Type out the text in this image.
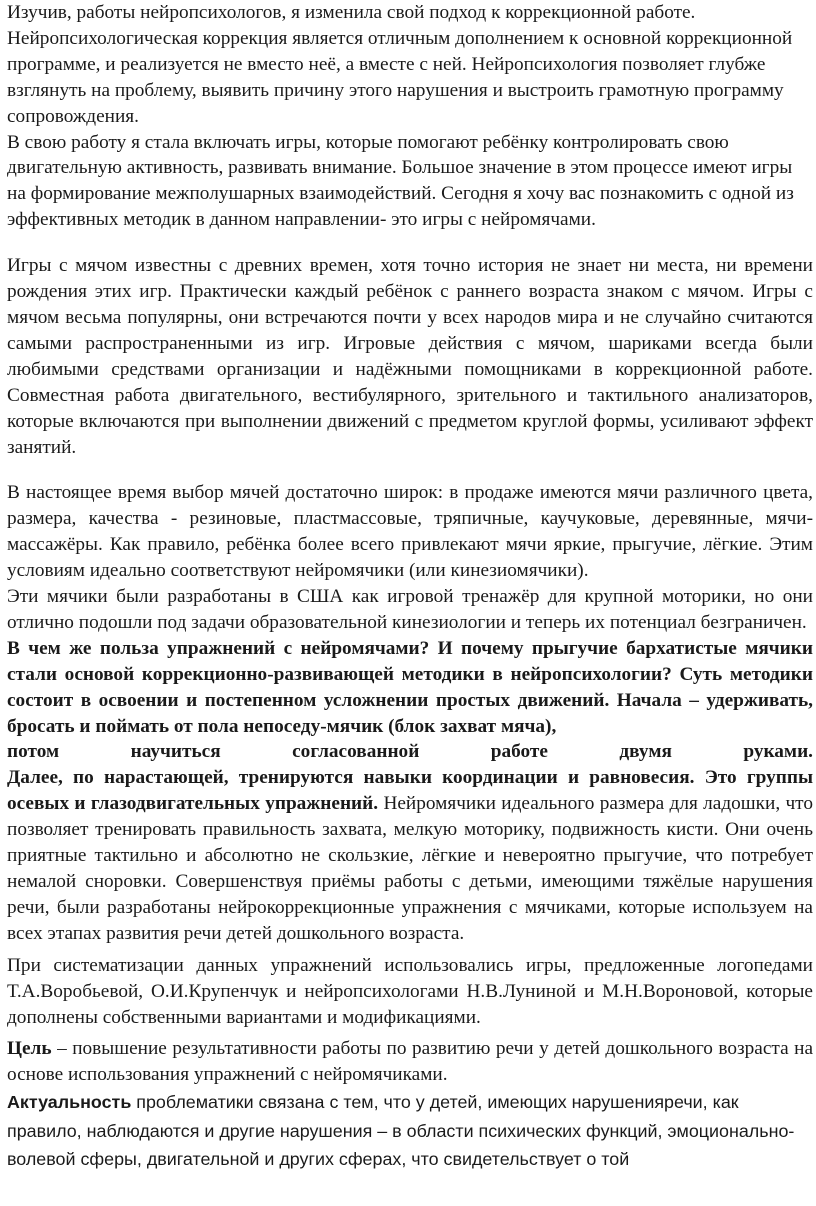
Изучив, работы нейропсихологов, я изменила свой подход к коррекционной работе. Нейропсихологическая коррекция является отличным дополнением к основной коррекционной программе, и реализуется не вместо неё, а вместе с ней. Нейропсихология позволяет глубже взглянуть на проблему, выявить причину этого нарушения и выстроить грамотную программу сопровождения.

В свою работу я стала включать игры, которые помогают ребёнку контролировать свою двигательную активность, развивать внимание. Большое значение в этом процессе имеют игры на формирование межполушарных взаимодействий. Сегодня я хочу вас познакомить с одной из эффективных методик в данном направлении- это игры с нейромячами.

Игры с мячом известны с древних времен, хотя точно история не знает ни места, ни времени рождения этих игр. Практически каждый ребёнок с раннего возраста знаком с мячом. Игры с мячом весьма популярны, они встречаются почти у всех народов мира и не случайно считаются самыми распространенными из игр. Игровые действия с мячом, шариками всегда были любимыми средствами организации и надёжными помощниками в коррекционной работе. Совместная работа двигательного, вестибулярного, зрительного и тактильного анализаторов, которые включаются при выполнении движений с предметом круглой формы, усиливают эффект занятий.

В настоящее время выбор мячей достаточно широк: в продаже имеются мячи различного цвета, размера, качества - резиновые, пластмассовые, тряпичные, каучуковые, деревянные, мячи-массажёры. Как правило, ребёнка более всего привлекают мячи яркие, прыгучие, лёгкие. Этим условиям идеально соответствуют нейромячики (или кинезиомячики).

Эти мячики были разработаны в США как игровой тренажёр для крупной моторики, но они отлично подошли под задачи образовательной кинезиологии и теперь их потенциал безграничен.

В чем же польза упражнений с нейромячами? И почему прыгучие бархатистые мячики стали основой коррекционно-развивающей методики в нейропсихологии? Суть методики состоит в освоении и постепенном усложнении простых движений. Начала – удерживать, бросать и поймать от пола непоседу-мячик (блок захват мяча),

потом научиться согласованной работе двумя руками.

Далее, по нарастающей, тренируются навыки координации и равновесия. Это группы осевых и глазодвигательных упражнений. Нейромячики идеального размера для ладошки, что позволяет тренировать правильность захвата, мелкую моторику, подвижность кисти. Они очень приятные тактильно и абсолютно не скользкие, лёгкие и невероятно прыгучие, что потребует немалой сноровки. Совершенствуя приёмы работы с детьми, имеющими тяжёлые нарушения речи, были разработаны нейрокоррекционные упражнения с мячиками, которые используем на всех этапах развития речи детей дошкольного возраста.

При систематизации данных упражнений использовались игры, предложенные логопедами Т.А.Воробьевой, О.И.Крупенчук и нейропсихологами Н.В.Луниной и М.Н.Вороновой, которые дополнены собственными вариантами и модификациями.

Цель – повышение результативности работы по развитию речи у детей дошкольного возраста на основе использования упражнений с нейромячиками.

Актуальность проблематики связана с тем, что у детей, имеющих нарушенияречи, как правило, наблюдаются и другие нарушения – в области психических функций, эмоционально-волевой сферы, двигательной и других сферах, что свидетельствует о той
